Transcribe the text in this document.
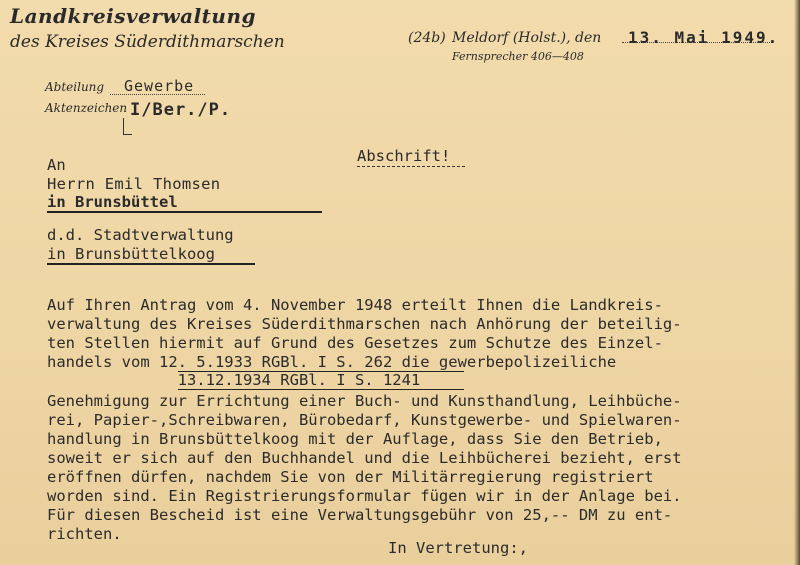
Landkreisverwaltung
des Kreises Süderdithmarschen	(24b) Meldorf (Holst.), den 13. Mai 1949.
Fernsprecher 406—408
Abteilung Gewerbe
Aktenzeichen I/Ber./P.
Abschrift!
An
Herrn Emil Thomsen
in Brunsbüttel
d.d. Stadtverwaltung
in Brunsbüttelkoog
Auf Ihren Antrag vom 4. November 1948 erteilt Ihnen die Landkreis-
verwaltung des Kreises Süderdithmarschen nach Anhörung der beteilig-
ten Stellen hiermit auf Grund des Gesetzes zum Schutze des Einzel-
handels vom 12. 5.1933 RGBl. I S. 262 die gewerbepolizeiliche
13.12.1934 RGBl. I S. 1241
Genehmigung zur Errichtung einer Buch- und Kunsthandlung, Leihbüche-
rei, Papier-,Schreibwaren, Bürobedarf, Kunstgewerbe- und Spielwaren-
handlung in Brunsbüttelkoog mit der Auflage, dass Sie den Betrieb,
soweit er sich auf den Buchhandel und die Leihbücherei bezieht, erst
eröffnen dürfen, nachdem Sie von der Militärregierung registriert
worden sind. Ein Registrierungsformular fügen wir in der Anlage bei.
Für diesen Bescheid ist eine Verwaltungsgebühr von 25,-- DM zu ent-
richten.
In Vertretung:,
